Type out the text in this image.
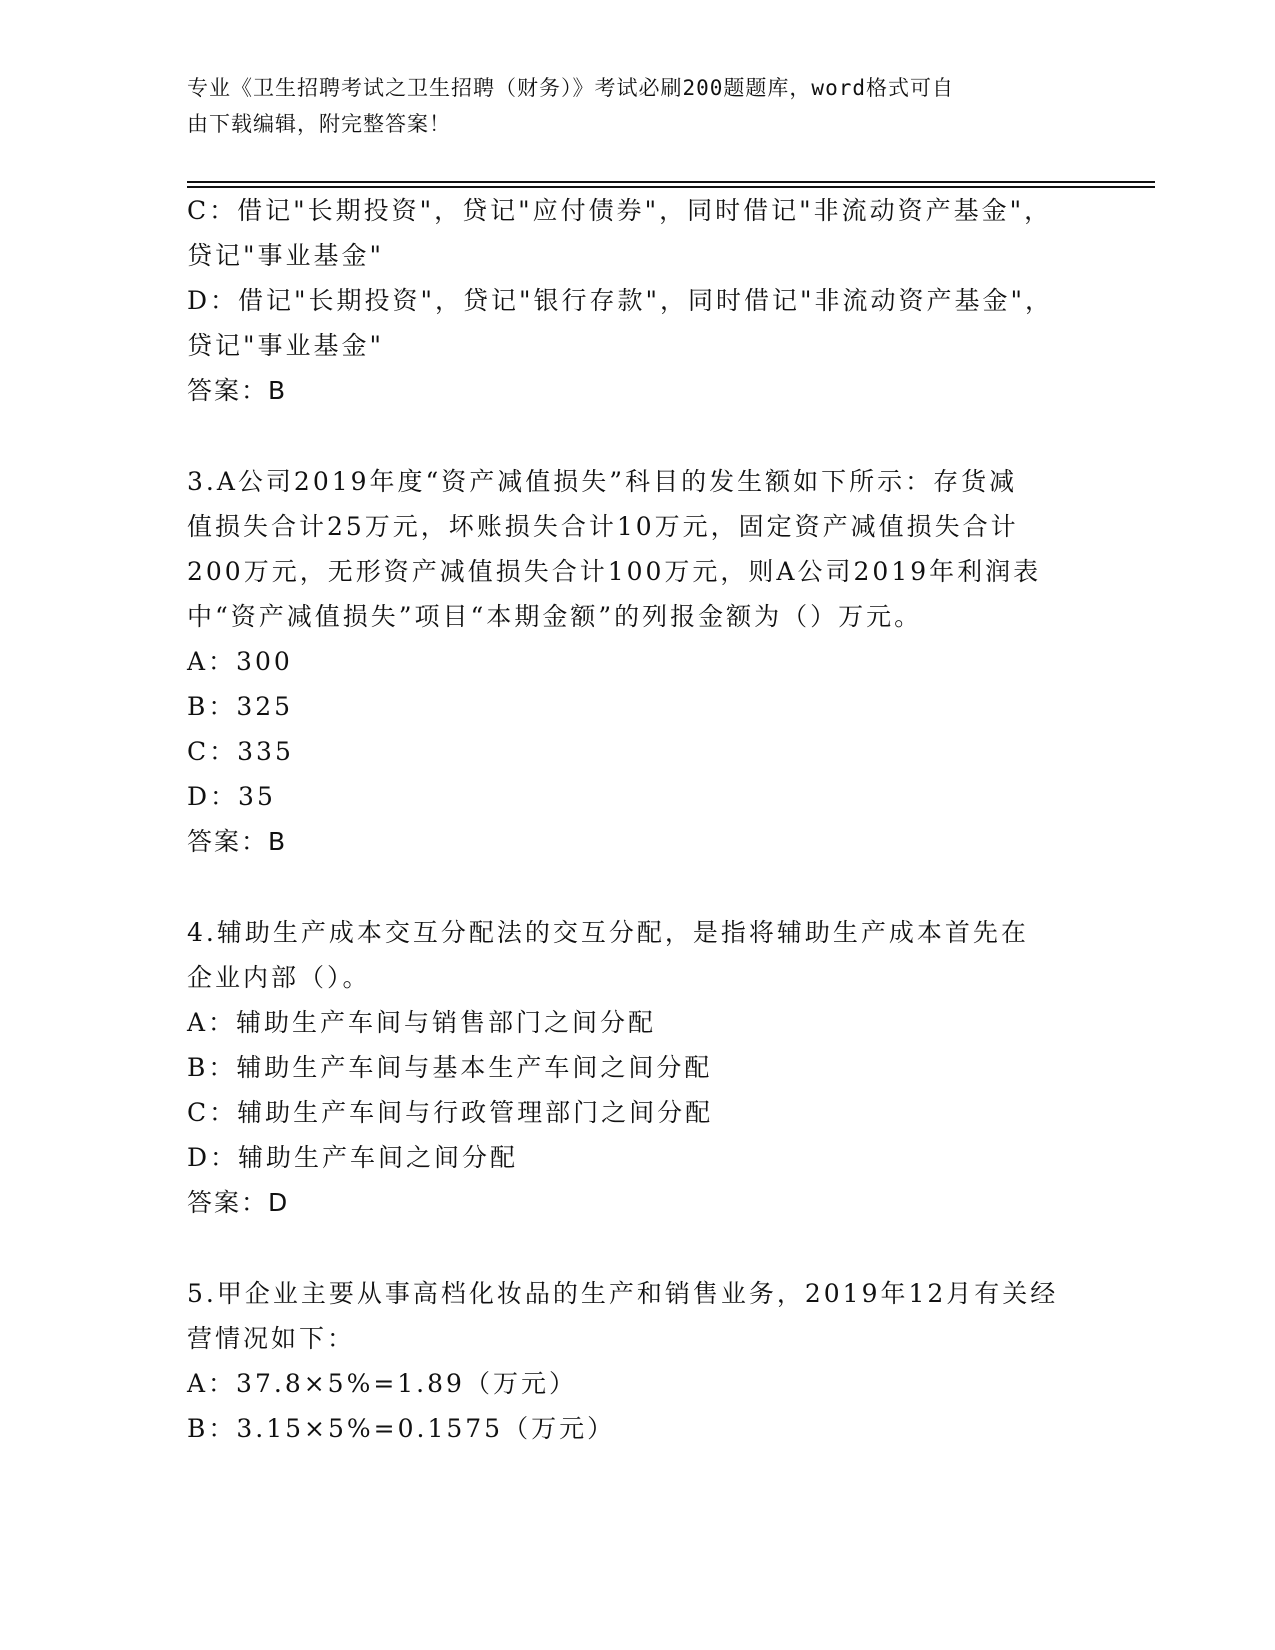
专业《卫生招聘考试之卫生招聘（财务）》考试必刷200题题库，word格式可自
由下载编辑，附完整答案！
C：借记"长期投资"，贷记"应付债券"，同时借记"非流动资产基金"，
贷记"事业基金"
D：借记"长期投资"，贷记"银行存款"，同时借记"非流动资产基金"，
贷记"事业基金"
答案：B
3.A公司2019年度“资产减值损失”科目的发生额如下所示：存货减
值损失合计25万元，坏账损失合计10万元，固定资产减值损失合计
200万元，无形资产减值损失合计100万元，则A公司2019年利润表
中“资产减值损失”项目“本期金额”的列报金额为（）万元。
A：300
B：325
C：335
D：35
答案：B
4.辅助生产成本交互分配法的交互分配，是指将辅助生产成本首先在
企业内部（）。
A：辅助生产车间与销售部门之间分配
B：辅助生产车间与基本生产车间之间分配
C：辅助生产车间与行政管理部门之间分配
D：辅助生产车间之间分配
答案：D
5.甲企业主要从事高档化妆品的生产和销售业务，2019年12月有关经
营情况如下：
A：37.8×5%=1.89（万元）
B：3.15×5%=0.1575（万元）
